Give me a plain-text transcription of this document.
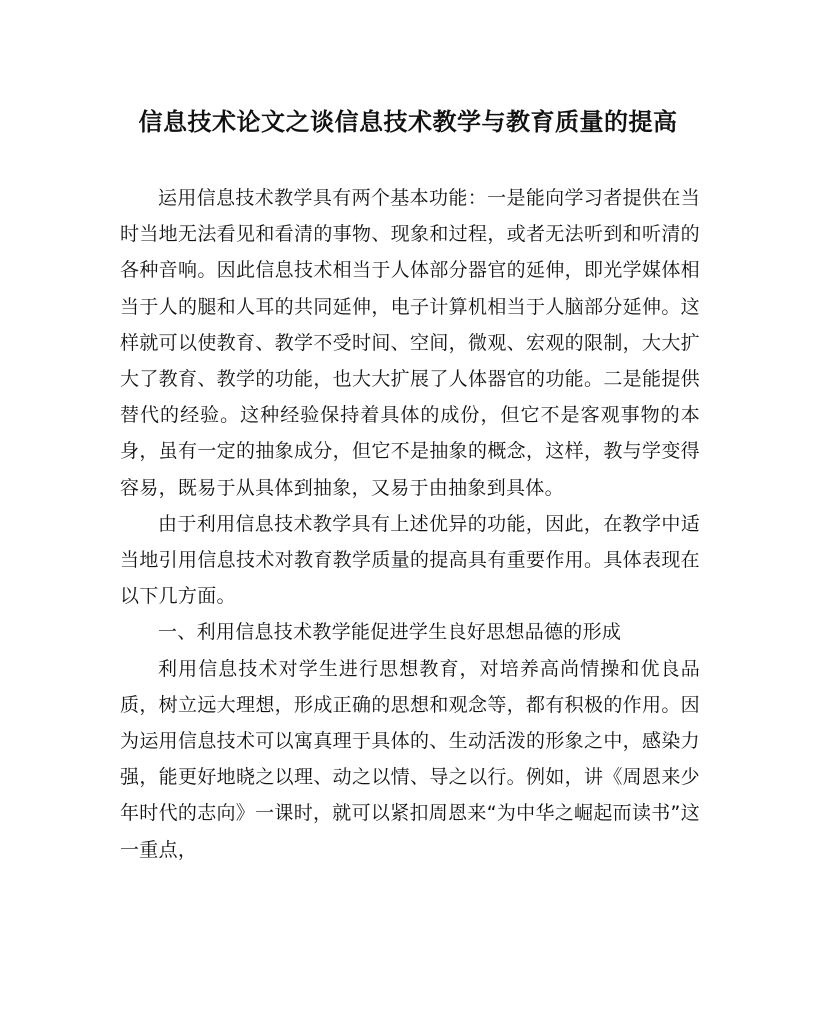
信息技术论文之谈信息技术教学与教育质量的提高

运用信息技术教学具有两个基本功能：一是能向学习者提供在当时当地无法看见和看清的事物、现象和过程，或者无法听到和听清的各种音响。因此信息技术相当于人体部分器官的延伸，即光学媒体相当于人的腿和人耳的共同延伸，电子计算机相当于人脑部分延伸。这样就可以使教育、教学不受时间、空间，微观、宏观的限制，大大扩大了教育、教学的功能，也大大扩展了人体器官的功能。二是能提供替代的经验。这种经验保持着具体的成份，但它不是客观事物的本身，虽有一定的抽象成分，但它不是抽象的概念，这样，教与学变得容易，既易于从具体到抽象，又易于由抽象到具体。

由于利用信息技术教学具有上述优异的功能，因此，在教学中适当地引用信息技术对教育教学质量的提高具有重要作用。具体表现在以下几方面。

一、利用信息技术教学能促进学生良好思想品德的形成

利用信息技术对学生进行思想教育，对培养高尚情操和优良品质，树立远大理想，形成正确的思想和观念等，都有积极的作用。因为运用信息技术可以寓真理于具体的、生动活泼的形象之中，感染力强，能更好地晓之以理、动之以情、导之以行。例如，讲《周恩来少年时代的志向》一课时，就可以紧扣周恩来“为中华之崛起而读书”这一重点，
